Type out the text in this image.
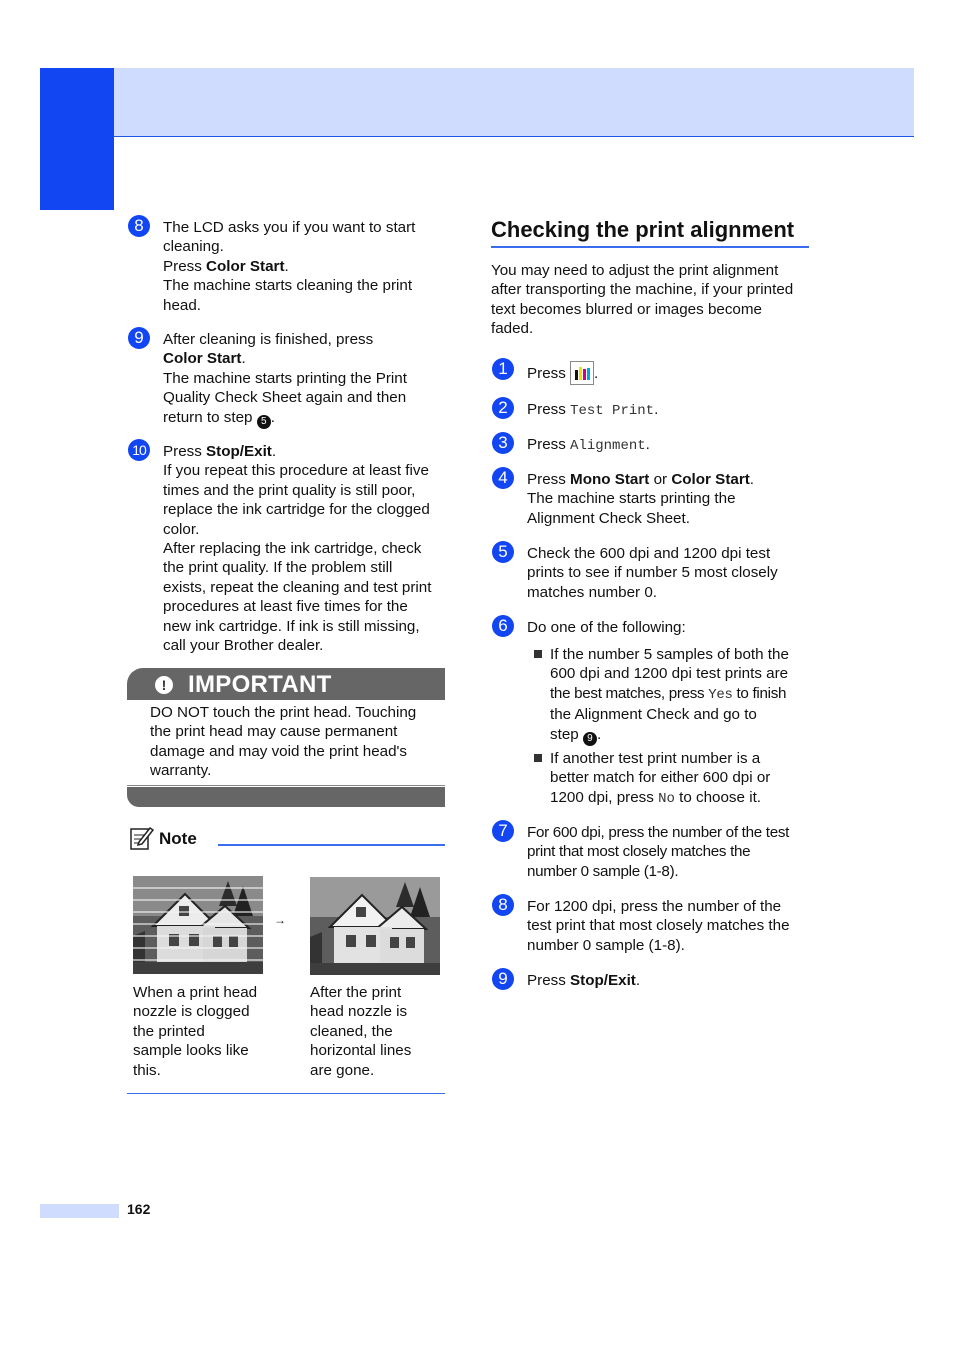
8	The LCD asks you if you want to start

cleaning.

Press Color Start.

The machine starts cleaning the print

head.

9	After cleaning is finished, press

Color Start.

The machine starts printing the Print

Quality Check Sheet again and then

return to step 5 .

10 Press Stop/Exit.

If you repeat this procedure at least five

times and the print quality is still poor,

replace the ink cartridge for the clogged

color.

After replacing the ink cartridge, check

the print quality. If the problem still

exists, repeat the cleaning and test print

procedures at least five times for the

new ink cartridge. If ink is still missing,

call your Brother dealer.

! IMPORTANT

DO NOT touch the print head. Touching

the print head may cause permanent

damage and may void the print head's

warranty.

Note
→

When a print head

nozzle is clogged

the printed

sample looks like

this.

After the print

head nozzle is

cleaned, the

horizontal lines

are gone.

Checking the print alignment

You may need to adjust the print alignment

after transporting the machine, if your printed

text becomes blurred or images become

faded.

1	Press .
2	Press Test Print.
3	Press Alignment.
4	Press Mono Start or Color Start.

The machine starts printing the

Alignment Check Sheet.

5	Check the 600 dpi and 1200 dpi test

prints to see if number 5 most closely

matches number 0.

6	Do one of the following:

If the number 5 samples of both the

600 dpi and 1200 dpi test prints are

the best matches, press Yes to finish

the Alignment Check and go to

step 9 .

If another test print number is a

better match for either 600 dpi or

1200 dpi, press No to choose it.

7	For 600 dpi, press the number of the test

print that most closely matches the

number 0 sample (1-8).

8	For 1200 dpi, press the number of the

test print that most closely matches the

number 0 sample (1-8).

9	Press Stop/Exit.
162
